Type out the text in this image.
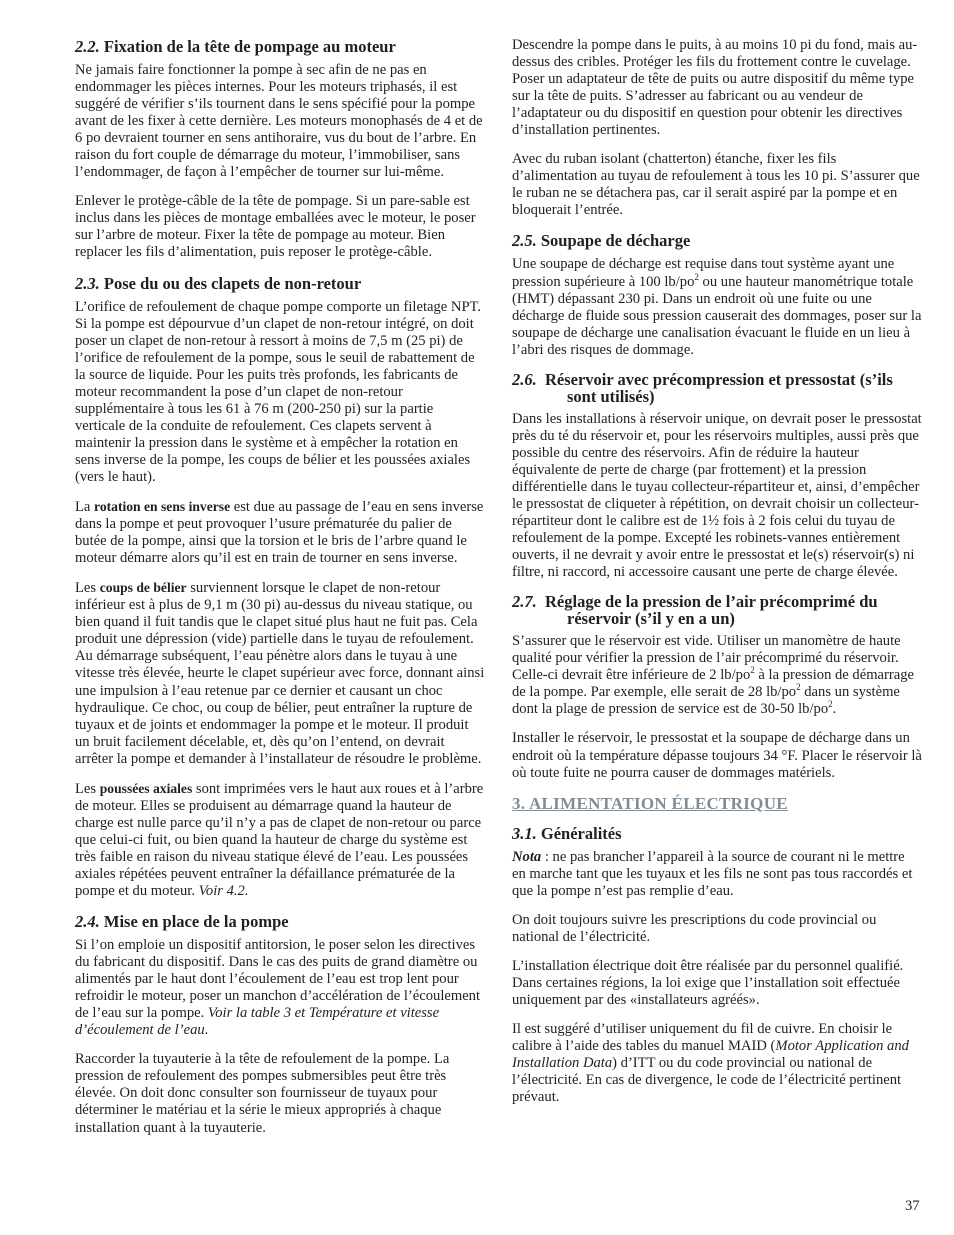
2.2. Fixation de la tête de pompage au moteur

Ne jamais faire fonctionner la pompe à sec afin de ne pas en endommager les pièces internes. Pour les moteurs triphasés, il est suggéré de vérifier s’ils tournent dans le sens spécifié pour la pompe avant de les fixer à cette dernière. Les moteurs monophasés de 4 et de 6 po devraient tourner en sens antihoraire, vus du bout de l’arbre. En raison du fort couple de démarrage du moteur, l’immobiliser, sans l’endommager, de façon à l’empêcher de tourner sur lui-même.

Enlever le protège-câble de la tête de pompage. Si un pare-sable est inclus dans les pièces de montage emballées avec le moteur, le poser sur l’arbre de moteur. Fixer la tête de pompage au moteur. Bien replacer les fils d’alimentation, puis reposer le protège-câble.

2.3. Pose du ou des clapets de non-retour

L’orifice de refoulement de chaque pompe comporte un filetage NPT. Si la pompe est dépourvue d’un clapet de non-retour intégré, on doit poser un clapet de non-retour à ressort à moins de 7,5 m (25 pi) de l’orifice de refoulement de la pompe, sous le seuil de rabattement de la source de liquide. Pour les puits très profonds, les fabricants de moteur recommandent la pose d’un clapet de non-retour supplémentaire à tous les 61 à 76 m (200-250 pi) sur la partie verticale de la conduite de refoulement. Ces clapets servent à maintenir la pression dans le système et à empêcher la rotation en sens inverse de la pompe, les coups de bélier et les poussées axiales (vers le haut).

La rotation en sens inverse est due au passage de l’eau en sens inverse dans la pompe et peut provoquer l’usure prématurée du palier de butée de la pompe, ainsi que la torsion et le bris de l’arbre quand le moteur démarre alors qu’il est en train de tourner en sens inverse.

Les coups de bélier surviennent lorsque le clapet de non-retour inférieur est à plus de 9,1 m (30 pi) au-dessus du niveau statique, ou bien quand il fuit tandis que le clapet situé plus haut ne fuit pas. Cela produit une dépression (vide) partielle dans le tuyau de refoulement. Au démarrage subséquent, l’eau pénètre alors dans le tuyau à une vitesse très élevée, heurte le clapet supérieur avec force, donnant ainsi une impulsion à l’eau retenue par ce dernier et causant un choc hydraulique. Ce choc, ou coup de bélier, peut entraîner la rupture de tuyaux et de joints et endommager la pompe et le moteur. Il produit un bruit facilement décelable, et, dès qu’on l’entend, on devrait arrêter la pompe et demander à l’installateur de résoudre le problème.

Les poussées axiales sont imprimées vers le haut aux roues et à l’arbre de moteur. Elles se produisent au démarrage quand la hauteur de charge est nulle parce qu’il n’y a pas de clapet de non-retour ou parce que celui-ci fuit, ou bien quand la hauteur de charge du système est très faible en raison du niveau statique élevé de l’eau. Les poussées axiales répétées peuvent entraîner la défaillance prématurée de la pompe et du moteur. Voir 4.2.

2.4. Mise en place de la pompe

Si l’on emploie un dispositif antitorsion, le poser selon les directives du fabricant du dispositif. Dans le cas des puits de grand diamètre ou alimentés par le haut dont l’écoulement de l’eau est trop lent pour refroidir le moteur, poser un manchon d’accélération de l’écoulement de l’eau sur la pompe. Voir la table 3 et Température et vitesse d’écoulement de l’eau.

Raccorder la tuyauterie à la tête de refoulement de la pompe. La pression de refoulement des pompes submersibles peut être très élevée. On doit donc consulter son fournisseur de tuyaux pour déterminer le matériau et la série le mieux appropriés à chaque installation quant à la tuyauterie.

Descendre la pompe dans le puits, à au moins 10 pi du fond, mais au-dessus des cribles. Protéger les fils du frottement contre le cuvelage. Poser un adaptateur de tête de puits ou autre dispositif du même type sur la tête de puits. S’adresser au fabricant ou au vendeur de l’adaptateur ou du dispositif en question pour obtenir les directives d’installation pertinentes.

Avec du ruban isolant (chatterton) étanche, fixer les fils d’alimentation au tuyau de refoulement à tous les 10 pi. S’assurer que le ruban ne se détachera pas, car il serait aspiré par la pompe et en bloquerait l’entrée.

2.5. Soupape de décharge

Une soupape de décharge est requise dans tout système ayant une pression supérieure à 100 $lb/po^2$ ou une hauteur manométrique totale (HMT) dépassant 230 pi. Dans un endroit où une fuite ou une décharge de fluide sous pression causerait des dommages, poser sur la soupape de décharge une canalisation évacuant le fluide en un lieu à l’abri des risques de dommage.

2.6. Réservoir avec précompression et pressostat (s’ils sont utilisés)

Dans les installations à réservoir unique, on devrait poser le pressostat près du té du réservoir et, pour les réservoirs multiples, aussi près que possible du centre des réservoirs. Afin de réduire la hauteur équivalente de perte de charge (par frottement) et la pression différentielle dans le tuyau collecteur-répartiteur et, ainsi, d’empêcher le pressostat de cliqueter à répétition, on devrait choisir un collecteur-répartiteur dont le calibre est de 1½ fois à 2 fois celui du tuyau de refoulement de la pompe. Excepté les robinets-vannes entièrement ouverts, il ne devrait y avoir entre le pressostat et le(s) réservoir(s) ni filtre, ni raccord, ni accessoire causant une perte de charge élevée.

2.7. Réglage de la pression de l’air précomprimé du réservoir (s’il y en a un)

S’assurer que le réservoir est vide. Utiliser un manomètre de haute qualité pour vérifier la pression de l’air précomprimé du réservoir. Celle-ci devrait être inférieure de 2 $lb/po^2$ à la pression de démarrage de la pompe. Par exemple, elle serait de 28 $lb/po^2$ dans un système dont la plage de pression de service est de 30-50 $lb/po^2$.

Installer le réservoir, le pressostat et la soupape de décharge dans un endroit où la température dépasse toujours 34 °F. Placer le réservoir là où toute fuite ne pourra causer de dommages matériels.

3. ALIMENTATION ÉLECTRIQUE
3.1. Généralités

Nota : ne pas brancher l’appareil à la source de courant ni le mettre en marche tant que les tuyaux et les fils ne sont pas tous raccordés et que la pompe n’est pas remplie d’eau.

On doit toujours suivre les prescriptions du code provincial ou national de l’électricité.

L’installation électrique doit être réalisée par du personnel qualifié. Dans certaines régions, la loi exige que l’installation soit effectuée uniquement par des «installateurs agréés».

Il est suggéré d’utiliser uniquement du fil de cuivre. En choisir le calibre à l’aide des tables du manuel MAID (Motor Application and Installation Data) d’ITT ou du code provincial ou national de l’électricité. En cas de divergence, le code de l’électricité pertinent prévaut.

37
